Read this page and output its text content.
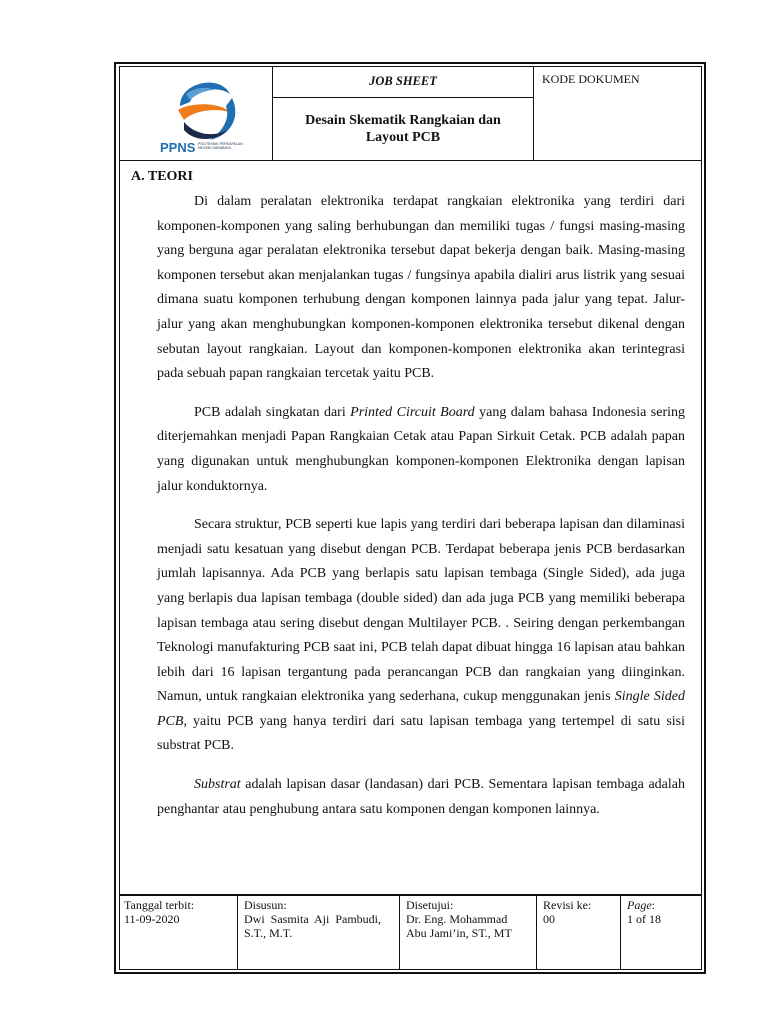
PPNS POLITEKNIK PERKAPALAN NEGERI SURABAYA
JOB SHEET	KODE DOKUMEN
Desain Skematik Rangkaian dan
Layout PCB
A. TEORI

Di dalam peralatan elektronika terdapat rangkaian elektronika yang terdiri dari komponen-komponen yang saling berhubungan dan memiliki tugas / fungsi masing-masing yang berguna agar peralatan elektronika tersebut dapat bekerja dengan baik. Masing-masing komponen tersebut akan menjalankan tugas / fungsinya apabila dialiri arus listrik yang sesuai dimana suatu komponen terhubung dengan komponen lainnya pada jalur yang tepat. Jalur-jalur yang akan menghubungkan komponen-komponen elektronika tersebut dikenal dengan sebutan layout rangkaian. Layout dan komponen-komponen elektronika akan terintegrasi pada sebuah papan rangkaian tercetak yaitu PCB.

PCB adalah singkatan dari Printed Circuit Board yang dalam bahasa Indonesia sering diterjemahkan menjadi Papan Rangkaian Cetak atau Papan Sirkuit Cetak. PCB adalah papan yang digunakan untuk menghubungkan komponen-komponen Elektronika dengan lapisan jalur konduktornya.

Secara struktur, PCB seperti kue lapis yang terdiri dari beberapa lapisan dan dilaminasi menjadi satu kesatuan yang disebut dengan PCB. Terdapat beberapa jenis PCB berdasarkan jumlah lapisannya. Ada PCB yang berlapis satu lapisan tembaga (Single Sided), ada juga yang berlapis dua lapisan tembaga (double sided) dan ada juga PCB yang memiliki beberapa lapisan tembaga atau sering disebut dengan Multilayer PCB. . Seiring dengan perkembangan Teknologi manufakturing PCB saat ini, PCB telah dapat dibuat hingga 16 lapisan atau bahkan lebih dari 16 lapisan tergantung pada perancangan PCB dan rangkaian yang diinginkan. Namun, untuk rangkaian elektronika yang sederhana, cukup menggunakan jenis Single Sided PCB, yaitu PCB yang hanya terdiri dari satu lapisan tembaga yang tertempel di satu sisi substrat PCB.

Substrat adalah lapisan dasar (landasan) dari PCB. Sementara lapisan tembaga adalah penghantar atau penghubung antara satu komponen dengan komponen lainnya.

Tanggal terbit:
11-09-2020
Disusun:
Dwi  Sasmita  Aji  Pambudi,
S.T., M.T.
Disetujui:
Dr. Eng. Mohammad
Abu Jami’in, ST., MT
Revisi ke:
00
Page:
1 of 18
